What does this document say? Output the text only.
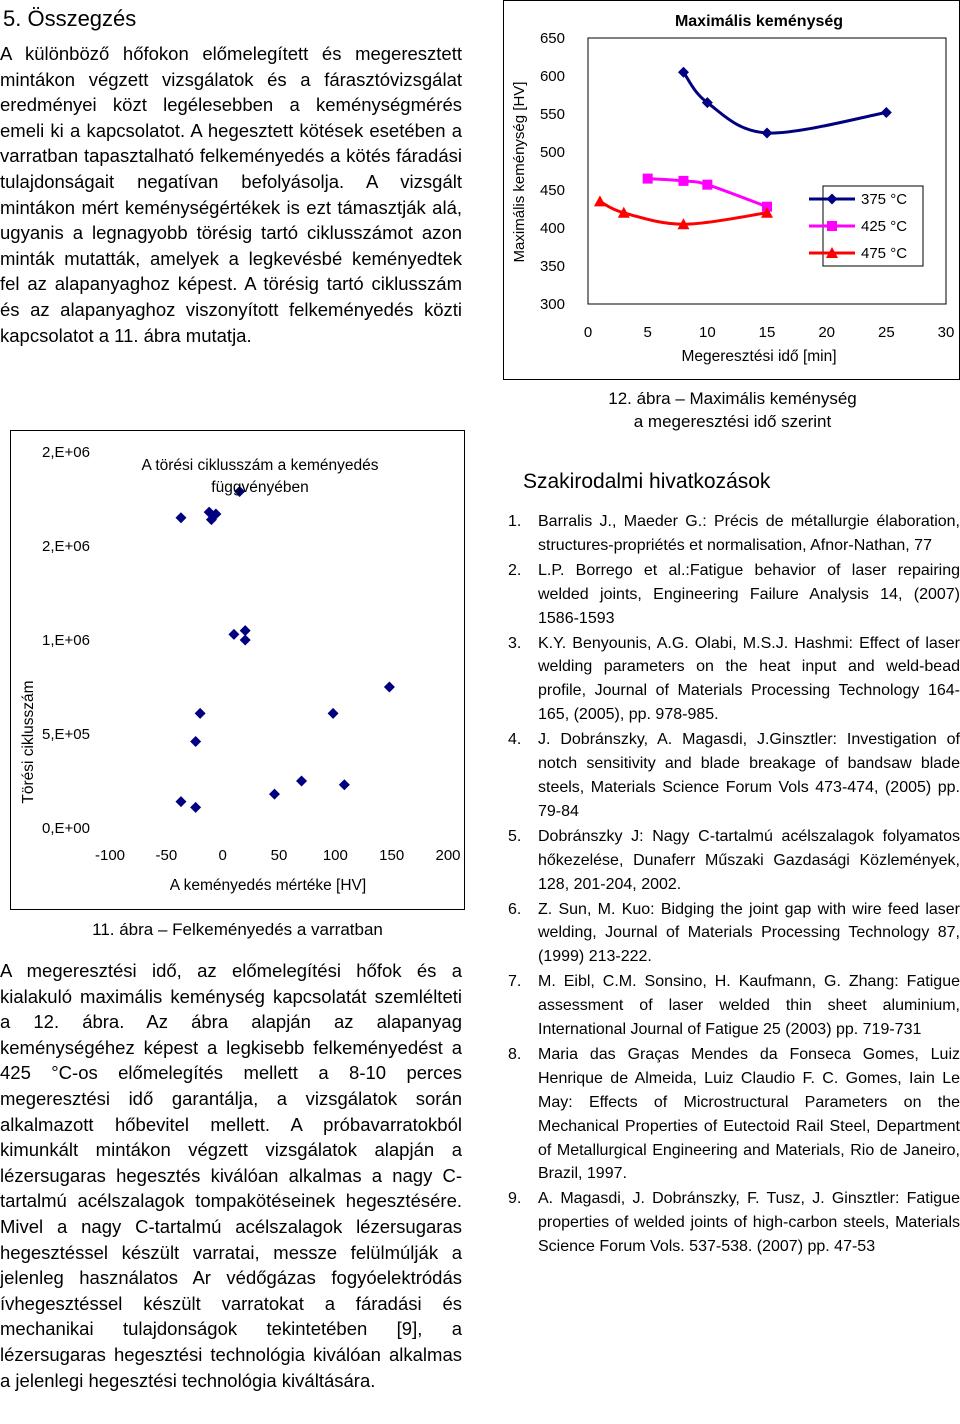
5. Összegzés
A különböző hőfokon előmelegített és megeresztett mintákon végzett vizsgálatok és a fárasztóvizsgálat eredményei közt legélesebben a keménységmérés emeli ki a kapcsolatot. A hegesztett kötések esetében a varratban tapasztalható felkeményedés a kötés fáradási tulajdonságait negatívan befolyásolja. A vizsgált mintákon mért keménységértékek is ezt támasztják alá, ugyanis a legnagyobb törésig tartó ciklusszámot azon minták mutatták, amelyek a legkevésbé keményedtek fel az alapanyaghoz képest. A törésig tartó ciklusszám és az alapanyaghoz viszonyított felkeményedés közti kapcsolatot a 11. ábra mutatja.
0,E+00
5,E+05
1,E+06
2,E+06
2,E+06
-100 -50	0	50 100 150 200
A törési ciklusszám a keményedés
függvényében
A keményedés mértéke [HV]
Törési ciklusszám
11. ábra – Felkeményedés a varratban
A megeresztési idő, az előmelegítési hőfok és a kialakuló maximális keménység kapcsolatát szemlélteti a 12. ábra. Az ábra alapján az alapanyag keménységéhez képest a legkisebb felkeményedést a 425 °C-os előmelegítés mellett a 8-10 perces megeresztési idő garantálja, a vizsgálatok során alkalmazott hőbevitel mellett. A próbavarratokból kimunkált mintákon végzett vizsgálatok alapján a lézersugaras hegesztés kiválóan alkalmas a nagy C-tartalmú acélszalagok tompakötéseinek hegesztésére. Mivel a nagy C-tartalmú acélszalagok lézersugaras hegesztéssel készült varratai, messze felülmúlják a jelenleg használatos Ar védőgázas fogyóelektródás ívhegesztéssel készült varratokat a fáradási és mechanikai tulajdonságok tekintetében [9], a lézersugaras hegesztési technológia kiválóan alkalmas a jelenlegi hegesztési technológia kiváltására.
300
350
400
450
500
550
600
650
0	5	10	15	20	25	30
375 °C
425 °C
475 °C
Maximális keménység
Megeresztési idő [min]
Maximális keménység [HV]
12. ábra – Maximális keménység
a megeresztési idő szerint
Szakirodalmi hivatkozások
1. Barralis J., Maeder G.: Précis de métallurgie élaboration, structures-propriétés et normalisation, Afnor-Nathan, 77
2. L.P. Borrego et al.:Fatigue behavior of laser repairing welded joints, Engineering Failure Analysis 14, (2007) 1586-1593
3. K.Y. Benyounis, A.G. Olabi, M.S.J. Hashmi: Effect of laser welding parameters on the heat input and weld-bead profile, Journal of Materials Processing Technology 164-165, (2005), pp. 978-985.
4. J. Dobránszky, A. Magasdi, J.Ginsztler: Investigation of notch sensitivity and blade breakage of bandsaw blade steels, Materials Science Forum Vols 473-474, (2005) pp. 79-84
5. Dobránszky J: Nagy C-tartalmú acélszalagok folyamatos hőkezelése, Dunaferr Műszaki Gazdasági Közlemények, 128, 201-204, 2002.
6. Z. Sun, M. Kuo: Bidging the joint gap with wire feed laser welding, Journal of Materials Processing Technology 87, (1999) 213-222.
7. M. Eibl, C.M. Sonsino, H. Kaufmann, G. Zhang: Fatigue assessment of laser welded thin sheet aluminium, International Journal of Fatigue 25 (2003) pp. 719-731
8. Maria das Graças Mendes da Fonseca Gomes, Luiz Henrique de Almeida, Luiz Claudio F. C. Gomes, Iain Le May: Effects of Microstructural Parameters on the Mechanical Properties of Eutectoid Rail Steel, Department of Metallurgical Engineering and Materials, Rio de Janeiro, Brazil, 1997.
9. A. Magasdi, J. Dobránszky, F. Tusz, J. Ginsztler: Fatigue properties of welded joints of high-carbon steels, Materials Science Forum Vols. 537-538. (2007) pp. 47-53
